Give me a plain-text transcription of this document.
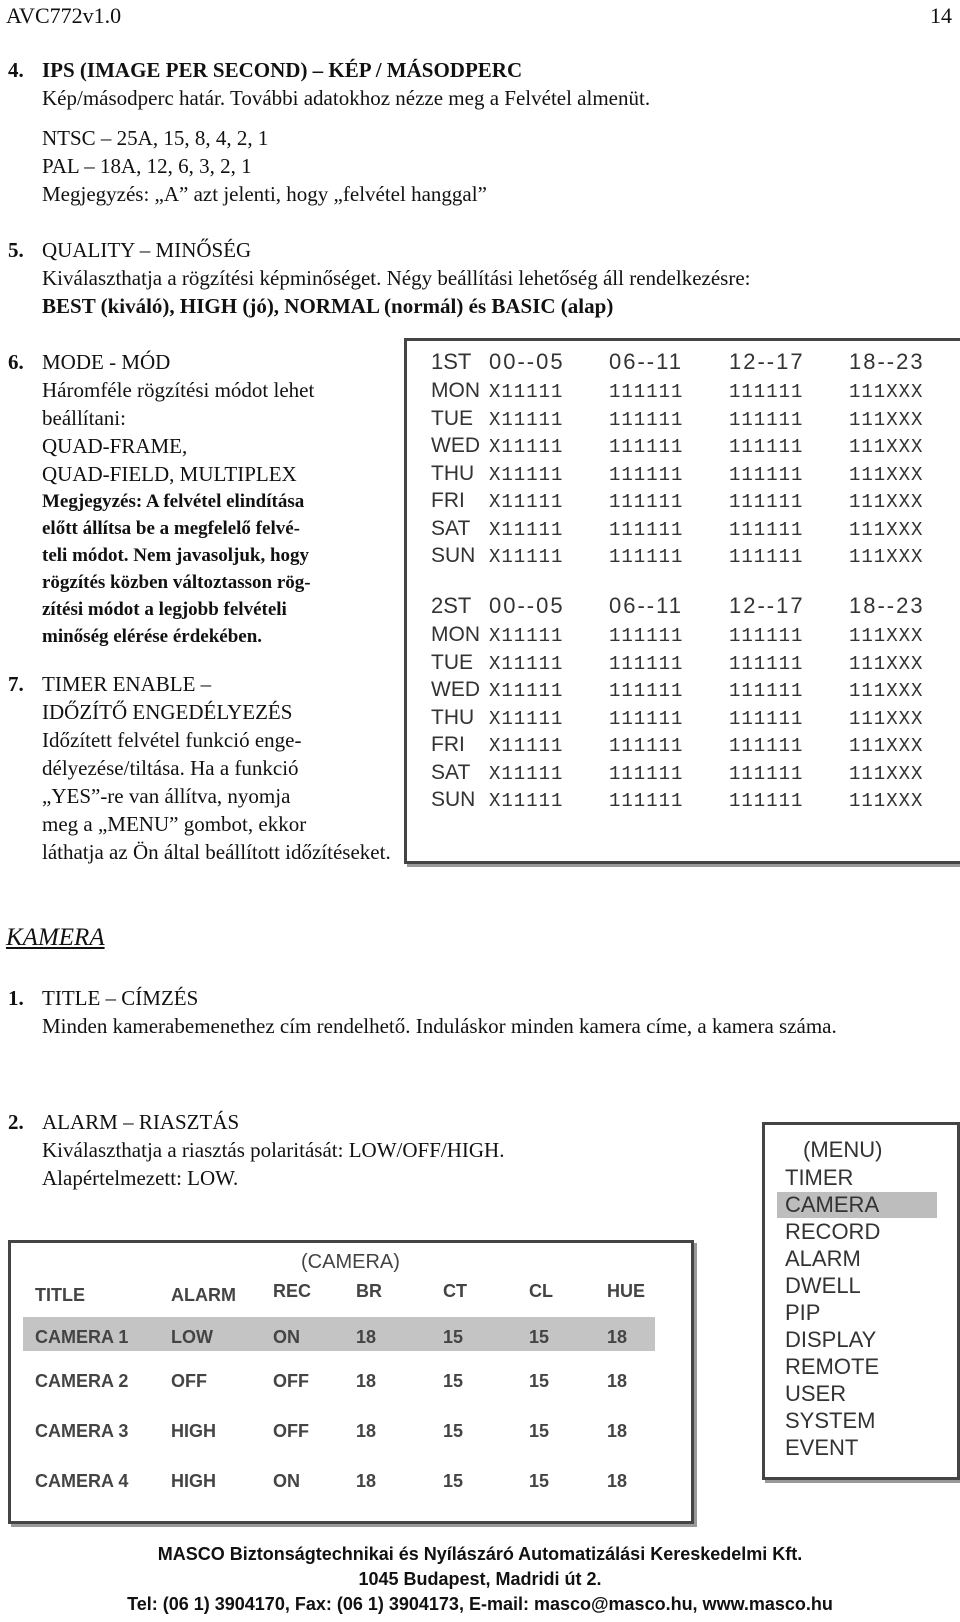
AVC772v1.0	14
4. IPS (IMAGE PER SECOND) – KÉP / MÁSODPERC
Kép/másodperc határ. További adatokhoz nézze meg a Felvétel almenüt.
NTSC – 25A, 15, 8, 4, 2, 1
PAL – 18A, 12, 6, 3, 2, 1
Megjegyzés: „A” azt jelenti, hogy „felvétel hanggal”
5. QUALITY – MINŐSÉG
Kiválaszthatja a rögzítési képminőséget. Négy beállítási lehetőség áll rendelkezésre:
BEST (kiváló), HIGH (jó), NORMAL (normál) és BASIC (alap)
6. MODE - MÓD
Háromféle rögzítési módot lehet
beállítani:
QUAD-FRAME,
QUAD-FIELD, MULTIPLEX
Megjegyzés: A felvétel elindítása
előtt állítsa be a megfelelő felvé-
teli módot. Nem javasoljuk, hogy
rögzítés közben változtasson rög-
zítési módot a legjobb felvételi
minőség elérése érdekében.
7. TIMER ENABLE –
IDŐZÍTŐ ENGEDÉLYEZÉS
Időzített felvétel funkció enge-
délyezése/tiltása. Ha a funkció
„YES”-re van állítva, nyomja
meg a „MENU” gombot, ekkor
láthatja az Ön által beállított időzítéseket.
1ST 00--05 06--11 12--17 18--23
MON X11111 111111 111111 111XXX
TUE X11111 111111 111111 111XXX
WED X11111 111111 111111 111XXX
THU X11111 111111 111111 111XXX
FRI X11111 111111 111111 111XXX
SAT X11111 111111 111111 111XXX
SUN X11111 111111 111111 111XXX
2ST 00--05 06--11 12--17 18--23
MON X11111 111111 111111 111XXX
TUE X11111 111111 111111 111XXX
WED X11111 111111 111111 111XXX
THU X11111 111111 111111 111XXX
FRI X11111 111111 111111 111XXX
SAT X11111 111111 111111 111XXX
SUN X11111 111111 111111 111XXX
KAMERA
1. TITLE – CÍMZÉS
Minden kamerabemenethez cím rendelhető. Induláskor minden kamera címe, a kamera száma.
2. ALARM – RIASZTÁS
Kiválaszthatja a riasztás polaritását: LOW/OFF/HIGH.
Alapértelmezett: LOW.
(MENU)
TIMER
CAMERA
RECORD
ALARM
DWELL
PIP
DISPLAY
REMOTE
USER
SYSTEM
EVENT
(CAMERA)
TITLE	ALARM REC BR	CT	CL	HUE
CAMERA 1 LOW	ON	18	15	15	18
CAMERA 2 OFF	OFF	18	15	15	18
CAMERA 3 HIGH	OFF	18	15	15	18
CAMERA 4 HIGH	ON	18	15	15	18
MASCO Biztonságtechnikai és Nyílászáró Automatizálási Kereskedelmi Kft.
1045 Budapest, Madridi út 2.
Tel: (06 1) 3904170, Fax: (06 1) 3904173, E-mail: masco@masco.hu, www.masco.hu
